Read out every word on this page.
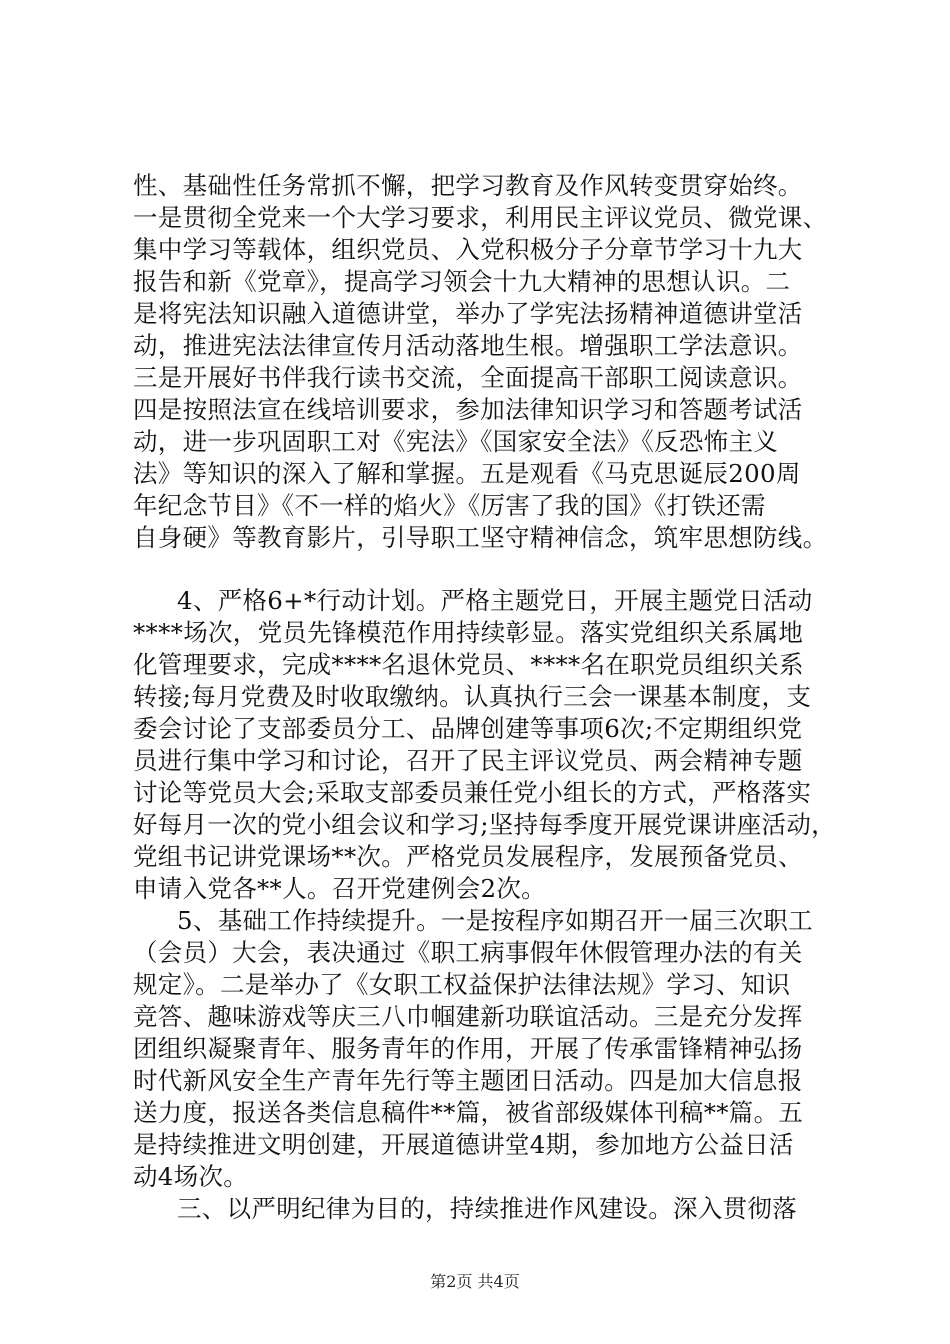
性、基础性任务常抓不懈，把学习教育及作风转变贯穿始终。
一是贯彻全党来一个大学习要求，利用民主评议党员、微党课、
集中学习等载体，组织党员、入党积极分子分章节学习十九大
报告和新《党章》，提高学习领会十九大精神的思想认识。二
是将宪法知识融入道德讲堂，举办了学宪法扬精神道德讲堂活
动，推进宪法法律宣传月活动落地生根。增强职工学法意识。
三是开展好书伴我行读书交流，全面提高干部职工阅读意识。
四是按照法宣在线培训要求，参加法律知识学习和答题考试活
动，进一步巩固职工对《宪法》《国家安全法》《反恐怖主义
法》等知识的深入了解和掌握。五是观看《马克思诞辰200周
年纪念节目》《不一样的焰火》《厉害了我的国》《打铁还需
自身硬》等教育影片，引导职工坚守精神信念，筑牢思想防线。
4、严格6+*行动计划。严格主题党日，开展主题党日活动
****场次，党员先锋模范作用持续彰显。落实党组织关系属地
化管理要求，完成****名退休党员、****名在职党员组织关系
转接;每月党费及时收取缴纳。认真执行三会一课基本制度，支
委会讨论了支部委员分工、品牌创建等事项6次;不定期组织党
员进行集中学习和讨论，召开了民主评议党员、两会精神专题
讨论等党员大会;采取支部委员兼任党小组长的方式，严格落实
好每月一次的党小组会议和学习;坚持每季度开展党课讲座活动，
党组书记讲党课场**次。严格党员发展程序，发展预备党员、
申请入党各**人。召开党建例会2次。
5、基础工作持续提升。一是按程序如期召开一届三次职工
（会员）大会，表决通过《职工病事假年休假管理办法的有关
规定》。二是举办了《女职工权益保护法律法规》学习、知识
竞答、趣味游戏等庆三八巾帼建新功联谊活动。三是充分发挥
团组织凝聚青年、服务青年的作用，开展了传承雷锋精神弘扬
时代新风安全生产青年先行等主题团日活动。四是加大信息报
送力度，报送各类信息稿件**篇，被省部级媒体刊稿**篇。五
是持续推进文明创建，开展道德讲堂4期，参加地方公益日活
动4场次。
三、以严明纪律为目的，持续推进作风建设。深入贯彻落
第2页 共4页
